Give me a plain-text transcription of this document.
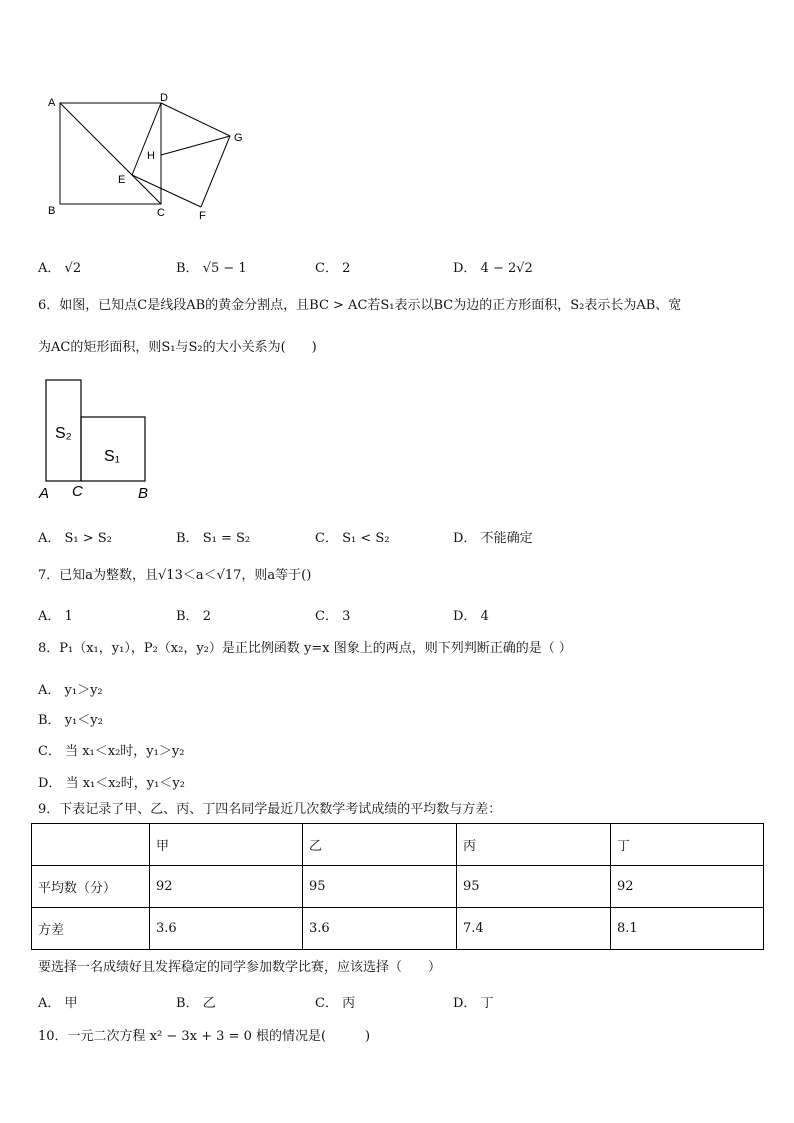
A
B	C
D
E
F
G
H
A． √2	B． √5 − 1	C． 2	D． 4 − 2√2
6．如图，已知点C是线段AB的黄金分割点，且BC > AC若S₁表示以BC为边的正方形面积，S₂表示长为AB、宽
为AC的矩形面积，则S₁与S₂的大小关系为(　　)
S₂
S₁
A C	B
A． S₁ > S₂	B． S₁ = S₂	C． S₁ < S₂	D． 不能确定
7．已知a为整数，且√13＜a＜√17，则a等于()
A． 1	B． 2	C． 3	D． 4
8．P₁（x₁，y₁），P₂（x₂，y₂）是正比例函数 y=x 图象上的两点，则下列判断正确的是（ ）
A． y₁＞y₂
B． y₁＜y₂
C． 当 x₁＜x₂时，y₁＞y₂
D． 当 x₁＜x₂时，y₁＜y₂
9．下表记录了甲、乙、丙、丁四名同学最近几次数学考试成绩的平均数与方差：
	甲	乙	丙	丁
平均数（分）	92	95	95	92
方差	3.6	3.6	7.4	8.1
要选择一名成绩好且发挥稳定的同学参加数学比赛，应该选择（　　）
A． 甲	B． 乙	C． 丙	D． 丁
10．一元二次方程 x² − 3x + 3 = 0 根的情况是(　　　)
